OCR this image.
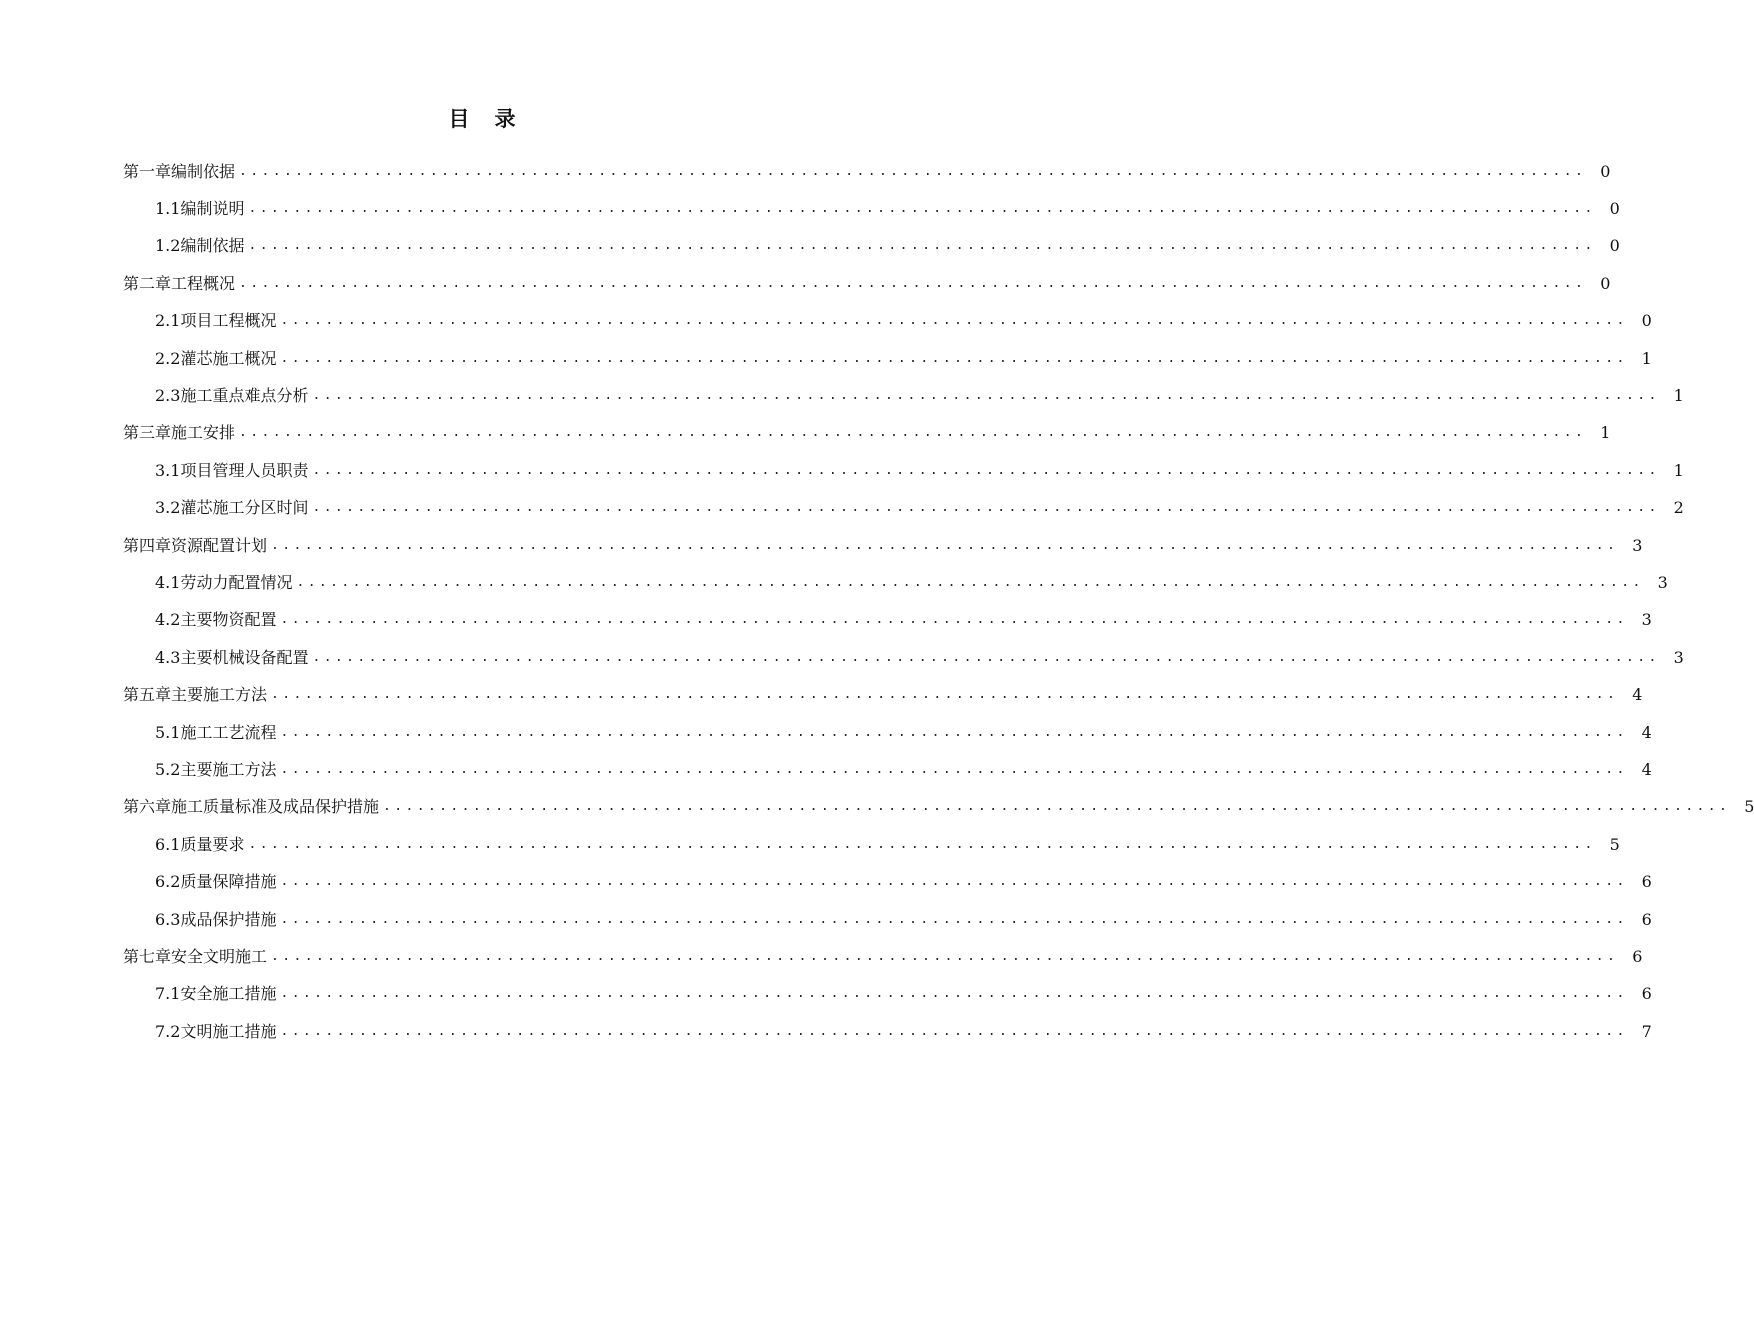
目　录
第一章 编制依据 ........................................................................................................................ 0
1.1 编制说明 ........................................................................................................................ 0
1.2 编制依据 ........................................................................................................................ 0
第二章 工程概况 ........................................................................................................................ 0
2.1 项目工程概况 ........................................................................................................................ 0
2.2 灌芯施工概况 ........................................................................................................................ 1
2.3 施工重点难点分析 ........................................................................................................................ 1
第三章 施工安排 ........................................................................................................................ 1
3.1 项目管理人员职责 ........................................................................................................................ 1
3.2 灌芯施工分区时间 ........................................................................................................................ 2
第四章 资源配置计划 ........................................................................................................................ 3
4.1 劳动力配置情况 ........................................................................................................................ 3
4.2 主要物资配置 ........................................................................................................................ 3
4.3 主要机械设备配置 ........................................................................................................................ 3
第五章 主要施工方法 ........................................................................................................................ 4
5.1 施工工艺流程 ........................................................................................................................ 4
5.2 主要施工方法 ........................................................................................................................ 4
第六章 施工质量标准及成品保护措施 ........................................................................................................................ 5
6.1 质量要求 ........................................................................................................................ 5
6.2 质量保障措施 ........................................................................................................................ 6
6.3 成品保护措施 ........................................................................................................................ 6
第七章 安全文明施工 ........................................................................................................................ 6
7.1 安全施工措施 ........................................................................................................................ 6
7.2 文明施工措施 ........................................................................................................................ 7
